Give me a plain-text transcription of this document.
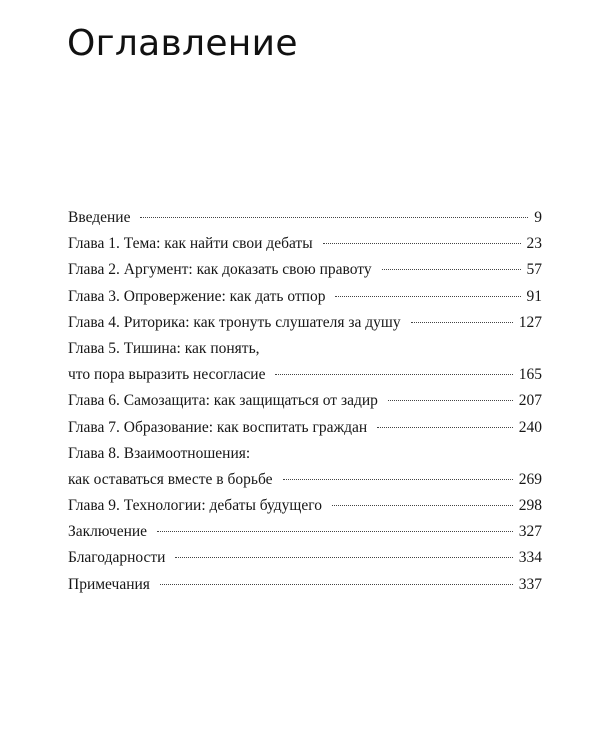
Оглавление
Введение	9
Глава 1. Тема: как найти свои дебаты	23
Глава 2. Аргумент: как доказать свою правоту	57
Глава 3. Опровержение: как дать отпор	91
Глава 4. Риторика: как тронуть слушателя за душу	127
Глава 5. Тишина: как понять,
что пора выразить несогласие	165
Глава 6. Самозащита: как защищаться от задир	207
Глава 7. Образование: как воспитать граждан	240
Глава 8. Взаимоотношения:
как оставаться вместе в борьбе	269
Глава 9. Технологии: дебаты будущего	298
Заключение	327
Благодарности	334
Примечания	337
